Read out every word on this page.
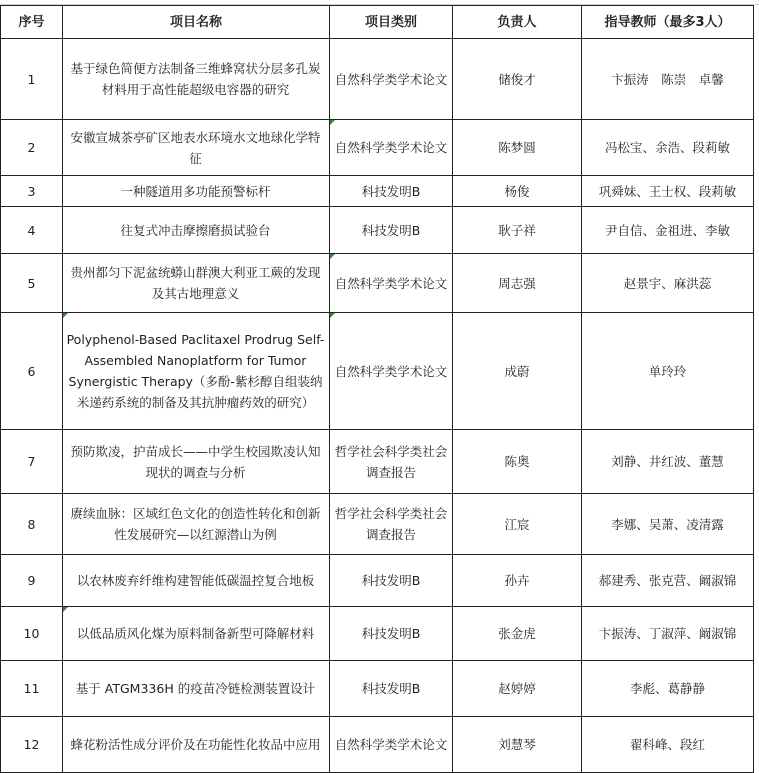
序号	项目名称	项目类别	负责人	指导教师（最多3人）
1	基于绿色简便方法制备三维蜂窝状分层多孔炭材料用于高性能超级电容器的研究	自然科学类学术论文	储俊才	卞振涛　陈崇　卓馨
2	安徽宣城茶亭矿区地表水环境水文地球化学特征	自然科学类学术论文	陈梦圆	冯松宝、余浩、段莉敏
3	一种隧道用多功能预警标杆	科技发明B	杨俊	巩舜妹、王士权、段莉敏
4	往复式冲击摩擦磨损试验台	科技发明B	耿子祥	尹自信、金祖进、李敏
5	贵州都匀下泥盆统蟒山群澳大利亚工蕨的发现及其古地理意义	自然科学类学术论文	周志强	赵景宇、麻洪蕊
6	Polyphenol-Based Paclitaxel Prodrug Self-Assembled Nanoplatform for Tumor Synergistic Therapy（多酚-紫杉醇自组装纳米递药系统的制备及其抗肿瘤药效的研究）	自然科学类学术论文	成蔚	单玲玲
7	预防欺凌，护苗成长——中学生校园欺凌认知现状的调查与分析	哲学社会科学类社会调查报告	陈奥	刘静、井红波、董慧
8	赓续血脉：区域红色文化的创造性转化和创新性发展研究—以红源潜山为例	哲学社会科学类社会调查报告	江宸	李娜、吴萧、凌清露
9	以农林废弃纤维构建智能低碳温控复合地板	科技发明B	孙卉	郝建秀、张克营、阚淑锦
10	以低品质风化煤为原料制备新型可降解材料	科技发明B	张金虎	卞振涛、丁淑萍、阚淑锦
11	基于 ATGM336H 的疫苗冷链检测装置设计	科技发明B	赵婷婷	李彪、葛静静
12	蜂花粉活性成分评价及在功能性化妆品中应用	自然科学类学术论文	刘慧琴	翟科峰、段红
